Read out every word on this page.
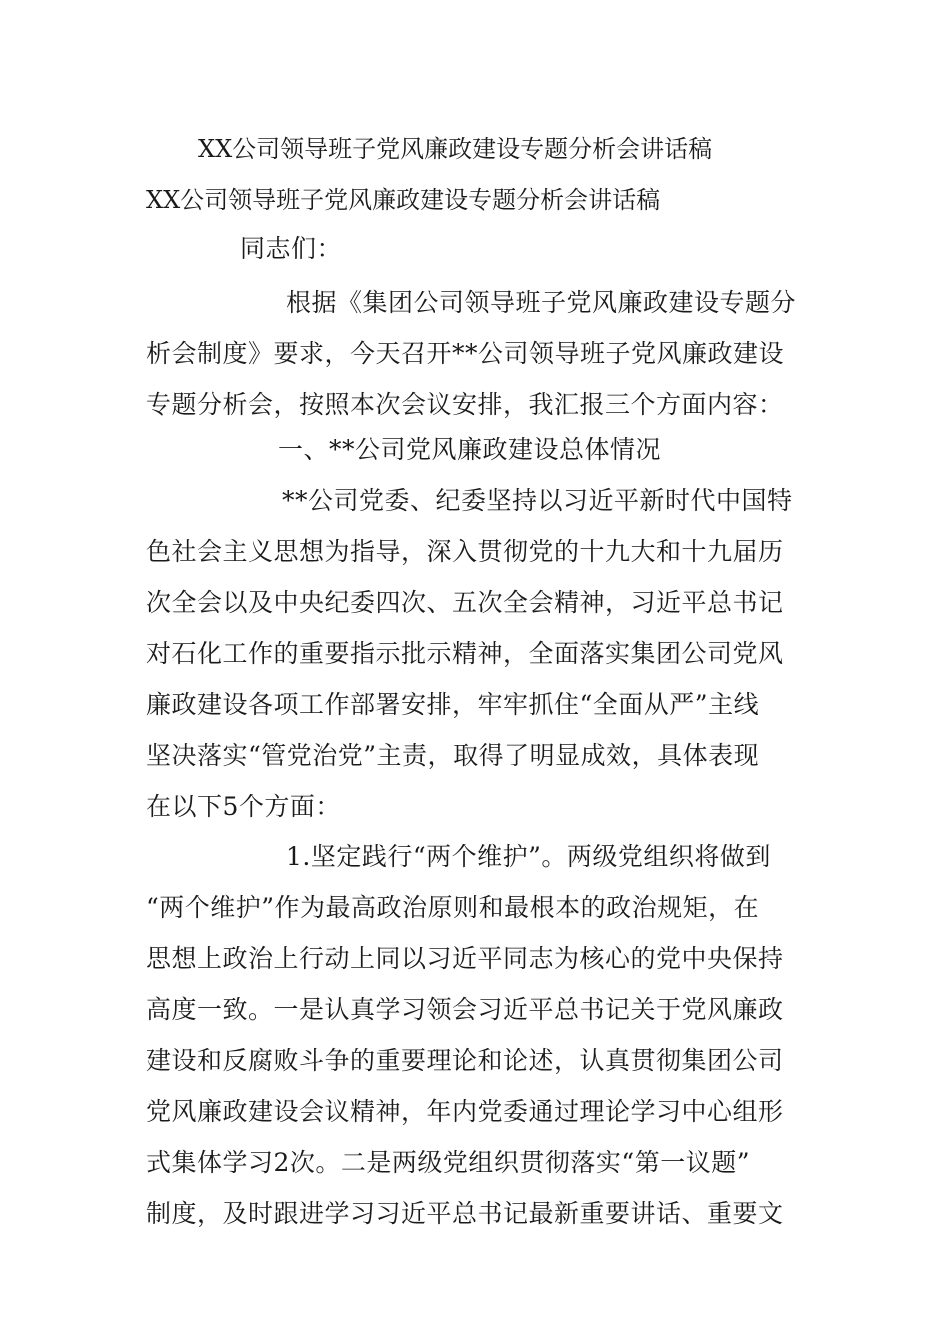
XX公司领导班子党风廉政建设专题分析会讲话稿
XX公司领导班子党风廉政建设专题分析会讲话稿
同志们：
根据《集团公司领导班子党风廉政建设专题分
析会制度》要求，今天召开**公司领导班子党风廉政建设
专题分析会，按照本次会议安排，我汇报三个方面内容：
一、**公司党风廉政建设总体情况
**公司党委、纪委坚持以习近平新时代中国特
色社会主义思想为指导，深入贯彻党的十九大和十九届历
次全会以及中央纪委四次、五次全会精神，习近平总书记
对石化工作的重要指示批示精神，全面落实集团公司党风
廉政建设各项工作部署安排，牢牢抓住“全面从严”主线
坚决落实“管党治党”主责，取得了明显成效，具体表现
在以下5个方面：
1.坚定践行“两个维护”。两级党组织将做到
“两个维护”作为最高政治原则和最根本的政治规矩，在
思想上政治上行动上同以习近平同志为核心的党中央保持
高度一致。一是认真学习领会习近平总书记关于党风廉政
建设和反腐败斗争的重要理论和论述，认真贯彻集团公司
党风廉政建设会议精神，年内党委通过理论学习中心组形
式集体学习2次。二是两级党组织贯彻落实“第一议题”
制度，及时跟进学习习近平总书记最新重要讲话、重要文
